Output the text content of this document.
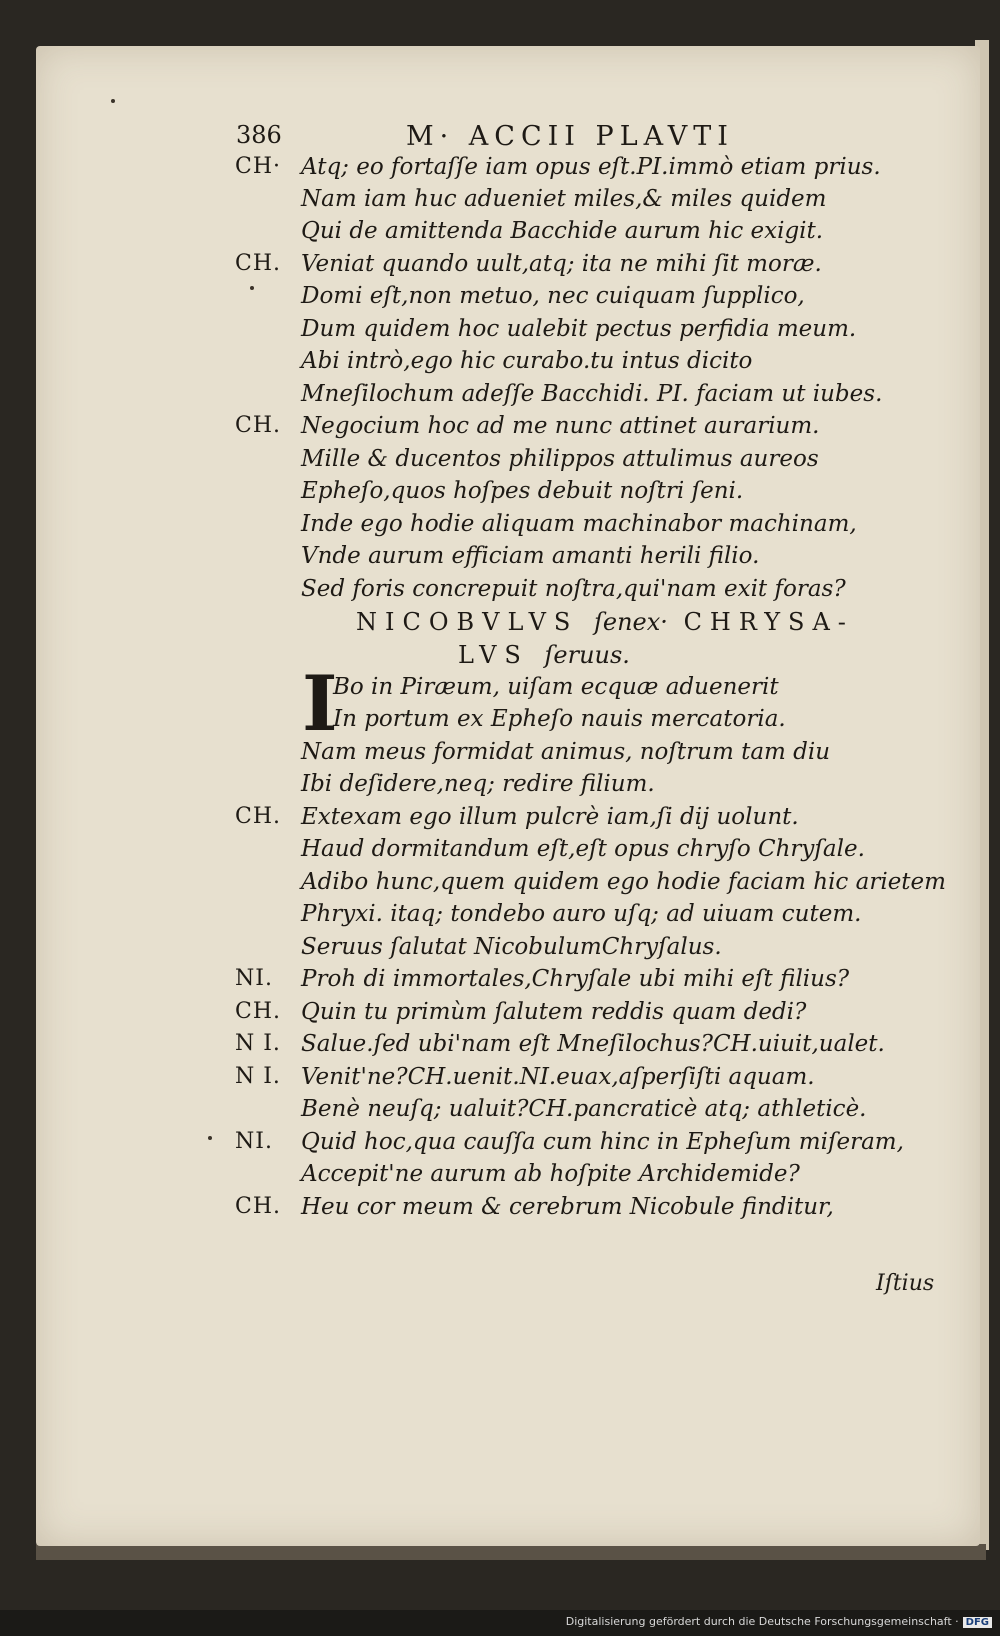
386	M· ACCII PLAVTI
CH· Atq; eo fortaſſe iam opus eſt.PI.immò etiam prius.
Nam iam huc adueniet miles,& miles quidem
Qui de amittenda Bacchide aurum hic exigit.
CH. Veniat quando uult,atq; ita ne mihi ſit moræ.
Domi eſt,non metuo, nec cuiquam ſupplico,
Dum quidem hoc ualebit pectus perfidia meum.
Abi intrò,ego hic curabo.tu intus dicito
Mneſilochum adeſſe Bacchidi. PI. faciam ut iubes.
CH. Negocium hoc ad me nunc attinet aurarium.
Mille & ducentos philippos attulimus aureos
Epheſo,quos hoſpes debuit noſtri ſeni.
Inde ego hodie aliquam machinabor machinam,
Vnde aurum efficiam amanti herili filio.
Sed foris concrepuit noſtra,qui'nam exit foras?
NICOBVLVS ſenex· CHRYSA-
LVS ſeruus.
I
Bo in Piræum, uiſam ecquæ aduenerit
In portum ex Epheſo nauis mercatoria.
Nam meus formidat animus, noſtrum tam diu
Ibi deſidere,neq; redire filium.
CH. Extexam ego illum pulcrè iam,ſi dij uolunt.
Haud dormitandum eſt,eſt opus chryſo Chryſale.
Adibo hunc,quem quidem ego hodie faciam hic arietem
Phryxi. itaq; tondebo auro uſq; ad uiuam cutem.
Seruus ſalutat NicobulumChryſalus.
NI. Proh di immortales,Chryſale ubi mihi eſt filius?
CH. Quin tu primùm ſalutem reddis quam dedi?
N I. Salue.ſed ubi'nam eſt Mneſilochus?CH.uiuit,ualet.
N I. Venit'ne?CH.uenit.NI.euax,aſperſiſti aquam.
Benè neuſq; ualuit?CH.pancraticè atq; athleticè.
NI. Quid hoc,qua cauſſa cum hinc in Epheſum miſeram,
Accepit'ne aurum ab hoſpite Archidemide?
CH. Heu cor meum & cerebrum Nicobule finditur,
Iſtius
Digitalisierung gefördert durch die Deutsche Forschungsgemeinschaft · DFG
